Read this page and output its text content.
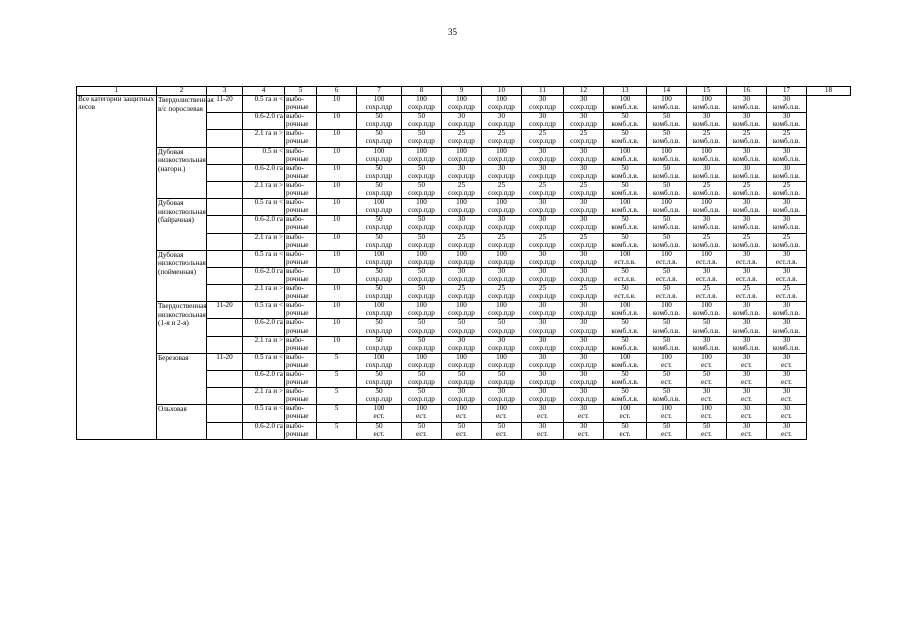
35
1	2	3	4	5	6	7	8	9	10	11	12	13	14	15	16	17	18
Все категории защитных лесов	Твердолиственная в/с порослевая	11-20	0.5 га и <	выбо-	10	100	100	100	100	30	30	100	100	100	30	30	
				рочные		сохр.пдр	сохр.пдр	сохр.пдр	сохр.пдр	сохр.пдр	сохр.пдр	комб.л.в.	комб.л.в.	комб.л.в.	комб.л.в.	комб.л.в.	
			0.6-2.0 га	выбо-	10	50	50	30	30	30	30	50	50	30	30	30	
				рочные		сохр.пдр	сохр.пдр	сохр.пдр	сохр.пдр	сохр.пдр	сохр.пдр	комб.л.в.	комб.л.в.	комб.л.в.	комб.л.в.	комб.л.в.	
			2.1 га и >	выбо-	10	50	50	25	25	25	25	50	50	25	25	25	
				рочные		сохр.пдр	сохр.пдр	сохр.пдр	сохр.пдр	сохр.пдр	сохр.пдр	комб.л.в.	комб.л.в.	комб.л.в.	комб.л.в.	комб.л.в.	
	Дубовая низкоствольная (нагорн.)		0.5 и <	выбо-	10	100	100	100	100	30	30	100	100	100	30	30	
				рочные		сохр.пдр	сохр.пдр	сохр.пдр	сохр.пдр	сохр.пдр	сохр.пдр	комб.л.в.	комб.л.в.	комб.л.в.	комб.л.в.	комб.л.в.	
			0.6-2.0 га	выбо-	10	50	50	30	30	30	30	50	50	30	30	30	
				рочные		сохр.пдр	сохр.пдр	сохр.пдр	сохр.пдр	сохр.пдр	сохр.пдр	комб.л.в.	комб.л.в.	комб.л.в.	комб.л.в.	комб.л.в.	
			2.1 га и >	выбо-	10	50	50	25	25	25	25	50	50	25	25	25	
				рочные		сохр.пдр	сохр.пдр	сохр.пдр	сохр.пдр	сохр.пдр	сохр.пдр	комб.л.в.	комб.л.в.	комб.л.в.	комб.л.в.	комб.л.в.	
	Дубовая низкоствольная (байрачная)		0.5 га и <	выбо-	10	100	100	100	100	30	30	100	100	100	30	30	
				рочные		сохр.пдр	сохр.пдр	сохр.пдр	сохр.пдр	сохр.пдр	сохр.пдр	комб.л.в.	комб.л.в.	комб.л.в.	комб.л.в.	комб.л.в.	
			0.6-2.0 га	выбо-	10	50	50	30	30	30	30	50	50	30	30	30	
				рочные		сохр.пдр	сохр.пдр	сохр.пдр	сохр.пдр	сохр.пдр	сохр.пдр	комб.л.в.	комб.л.в.	комб.л.в.	комб.л.в.	комб.л.в.	
			2.1 га и >	выбо-	10	50	50	25	25	25	25	50	50	25	25	25	
				рочные		сохр.пдр	сохр.пдр	сохр.пдр	сохр.пдр	сохр.пдр	сохр.пдр	комб.л.в.	комб.л.в.	комб.л.в.	комб.л.в.	комб.л.в.	
	Дубовая низкоствольная (пойменная)		0.5 га и <	выбо-	10	100	100	100	100	30	30	100	100	100	30	30	
				рочные		сохр.пдр	сохр.пдр	сохр.пдр	сохр.пдр	сохр.пдр	сохр.пдр	ест.л.в.	ест.л.в.	ест.л.в.	ест.л.в.	ест.л.в.	
			0.6-2.0 га	выбо-	10	50	50	30	30	30	30	50	50	30	30	30	
				рочные		сохр.пдр	сохр.пдр	сохр.пдр	сохр.пдр	сохр.пдр	сохр.пдр	ест.л.в.	ест.л.в.	ест.л.в.	ест.л.в.	ест.л.в.	
			2.1 га и >	выбо-	10	50	50	25	25	25	25	50	50	25	25	25	
				рочные		сохр.пдр	сохр.пдр	сохр.пдр	сохр.пдр	сохр.пдр	сохр.пдр	ест.л.в.	ест.л.в.	ест.л.в.	ест.л.в.	ест.л.в.	
	Твердоственная низкоствольная (1-я и 2-я)	11-20	0.5 га и <	выбо-	10	100	100	100	100	30	30	100	100	100	30	30	
				рочные		сохр.пдр	сохр.пдр	сохр.пдр	сохр.пдр	сохр.пдр	сохр.пдр	комб.л.в.	комб.л.в.	комб.л.в.	комб.л.в.	комб.л.в.	
			0.6-2.0 га	выбо-	10	50	50	50	50	30	30	50	50	50	30	30	
				рочные		сохр.пдр	сохр.пдр	сохр.пдр	сохр.пдр	сохр.пдр	сохр.пдр	комб.л.в.	комб.л.в.	комб.л.в.	комб.л.в.	комб.л.в.	
			2.1 га и >	выбо-	10	50	50	30	30	30	30	50	50	30	30	30	
				рочные		сохр.пдр	сохр.пдр	сохр.пдр	сохр.пдр	сохр.пдр	сохр.пдр	комб.л.в.	комб.л.в.	комб.л.в.	комб.л.в.	комб.л.в.	
	Березовая	11-20	0.5 га и <	выбо-	5	100	100	100	100	30	30	100	100	100	30	30	
				рочные		сохр.пдр	сохр.пдр	сохр.пдр	сохр.пдр	сохр.пдр	сохр.пдр	комб.л.в.	ест.	ест.	ест.	ест.	
			0.6-2.0 га	выбо-	5	50	50	50	50	30	30	50	50	50	30	30	
				рочные		сохр.пдр	сохр.пдр	сохр.пдр	сохр.пдр	сохр.пдр	сохр.пдр	комб.л.в.	ест.	ест.	ест.	ест.	
			2.1 га и >	выбо-	5	50	50	30	30	30	30	50	50	30	30	30	
				рочные		сохр.пдр	сохр.пдр	сохр.пдр	сохр.пдр	сохр.пдр	сохр.пдр	комб.л.в.	комб.л.в.	ест.	ест.	ест.	
	Ольховая		0.5 га и <	выбо-	5	100	100	100	100	30	30	100	100	100	30	30	
				рочные		ест.	ест.	ест.	ест.	ест.	ест.	ест.	ест.	ест.	ест.	ест.	
			0.6-2.0 га	выбо-	5	50	50	50	50	30	30	50	50	50	30	30	
				рочные		ест.	ест.	ест.	ест.	ест.	ест.	ест.	ест.	ест.	ест.	ест.	
